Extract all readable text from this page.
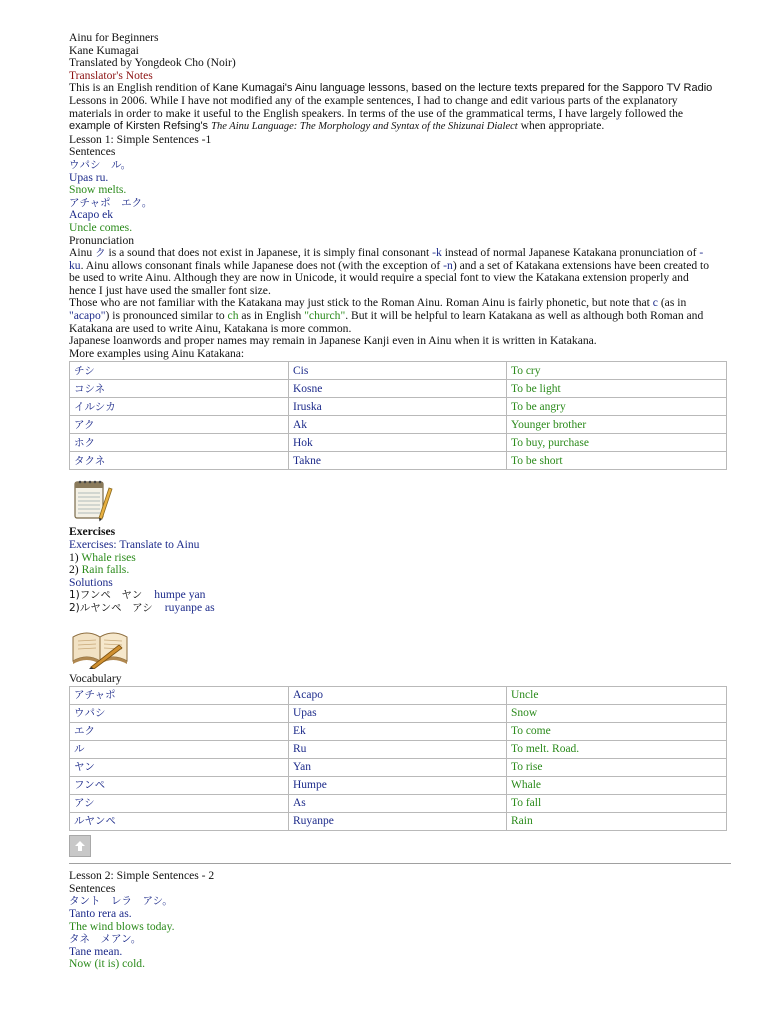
Ainu for Beginners
Kane Kumagai
Translated by Yongdeok Cho (Noir)
Translator's Notes
This is an English rendition of Kane Kumagai's Ainu language lessons, based on the lecture texts prepared for the Sapporo TV Radio
Lessons in 2006. While I have not modified any of the example sentences, I had to change and edit various parts of the explanatory
materials in order to make it useful to the English speakers. In terms of the use of the grammatical terms, I have largely followed the
example of Kirsten Refsing's The Ainu Language: The Morphology and Syntax of the Shizunai Dialect when appropriate.
Lesson 1: Simple Sentences -1
Sentences
ウパシ　ル。
Upas ru.
Snow melts.
アチャポ　エク。
Acapo ek
Uncle comes.
Pronunciation
Ainu ク is a sound that does not exist in Japanese, it is simply final consonant -k instead of normal Japanese Katakana pronunciation of -
ku. Ainu allows consonant finals while Japanese does not (with the exception of -n) and a set of Katakana extensions have been created to
be used to write Ainu. Although they are now in Unicode, it would require a special font to view the Katakana extension properly and
hence I just have used the smaller font size.
Those who are not familiar with the Katakana may just stick to the Roman Ainu. Roman Ainu is fairly phonetic, but note that c (as in
"acapo") is pronounced similar to ch as in English "church". But it will be helpful to learn Katakana as well as although both Roman and
Katakana are used to write Ainu, Katakana is more common.
Japanese loanwords and proper names may remain in Japanese Kanji even in Ainu when it is written in Katakana.
More examples using Ainu Katakana:
チシ	Cis	To cry
コシネ	Kosne	To be light
イルシカ	Iruska	To be angry
アク	Ak	Younger brother
ホク	Hok	To buy, purchase
タクネ	Takne	To be short
Exercises
Exercises: Translate to Ainu
1) Whale rises
2) Rain falls.
Solutions
1)フンペ　ヤン humpe yan
2)ルヤンペ　アシ ruyanpe as
Vocabulary
アチャポ	Acapo	Uncle
ウパシ	Upas	Snow
エク	Ek	To come
ル	Ru	To melt. Road.
ヤン	Yan	To rise
フンペ	Humpe	Whale
アシ	As	To fall
ルヤンペ	Ruyanpe	Rain
Lesson 2: Simple Sentences - 2
Sentences
タント　レラ　アシ。
Tanto rera as.
The wind blows today.
タネ　メアン。
Tane mean.
Now (it is) cold.
